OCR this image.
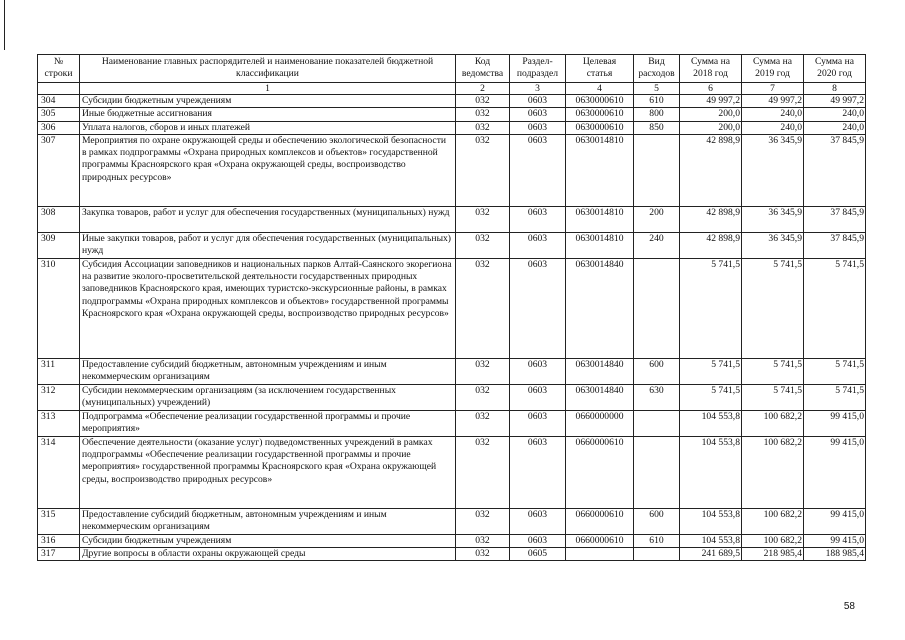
№ строки	Наименование главных распорядителей и наименование показателей бюджетной классификации	Код ведомства	Раздел-подраздел	Целевая статья	Вид расходов	Сумма на 2018 год	Сумма на 2019 год	Сумма на 2020 год
	1	2	3	4	5	6	7	8
304	Субсидии бюджетным учреждениям	032	0603	0630000610	610	49 997,2	49 997,2	49 997,2
305	Иные бюджетные ассигнования	032	0603	0630000610	800	200,0	240,0	240,0
306	Уплата налогов, сборов и иных платежей	032	0603	0630000610	850	200,0	240,0	240,0
307	Мероприятия по охране окружающей среды и обеспечению экологической безопасности в рамках подпрограммы «Охрана природных комплексов и объектов» государственной программы Красноярского края «Охрана окружающей среды, воспроизводство природных ресурсов»	032	0603	0630014810		42 898,9	36 345,9	37 845,9
308	Закупка товаров, работ и услуг для обеспечения государственных (муниципальных) нужд	032	0603	0630014810	200	42 898,9	36 345,9	37 845,9
309	Иные закупки товаров, работ и услуг для обеспечения государственных (муниципальных) нужд	032	0603	0630014810	240	42 898,9	36 345,9	37 845,9
310	Субсидия Ассоциации заповедников и национальных парков Алтай-Саянского экорегиона на развитие эколого-просветительской деятельности государственных природных заповедников Красноярского края, имеющих туристско-экскурсионные районы, в рамках подпрограммы «Охрана природных комплексов и объектов» государственной программы Красноярского края «Охрана окружающей среды, воспроизводство природных ресурсов»	032	0603	0630014840		5 741,5	5 741,5	5 741,5
311	Предоставление субсидий бюджетным, автономным учреждениям и иным некоммерческим организациям	032	0603	0630014840	600	5 741,5	5 741,5	5 741,5
312	Субсидии некоммерческим организациям (за исключением государственных (муниципальных) учреждений)	032	0603	0630014840	630	5 741,5	5 741,5	5 741,5
313	Подпрограмма «Обеспечение реализации государственной программы и прочие мероприятия»	032	0603	0660000000		104 553,8	100 682,2	99 415,0
314	Обеспечение деятельности (оказание услуг) подведомственных учреждений в рамках подпрограммы «Обеспечение реализации государственной программы и прочие мероприятия» государственной программы Красноярского края «Охрана окружающей среды, воспроизводство природных ресурсов»	032	0603	0660000610		104 553,8	100 682,2	99 415,0
315	Предоставление субсидий бюджетным, автономным учреждениям и иным некоммерческим организациям	032	0603	0660000610	600	104 553,8	100 682,2	99 415,0
316	Субсидии бюджетным учреждениям	032	0603	0660000610	610	104 553,8	100 682,2	99 415,0
317	Другие вопросы в области охраны окружающей среды	032	0605			241 689,5	218 985,4	188 985,4
58
